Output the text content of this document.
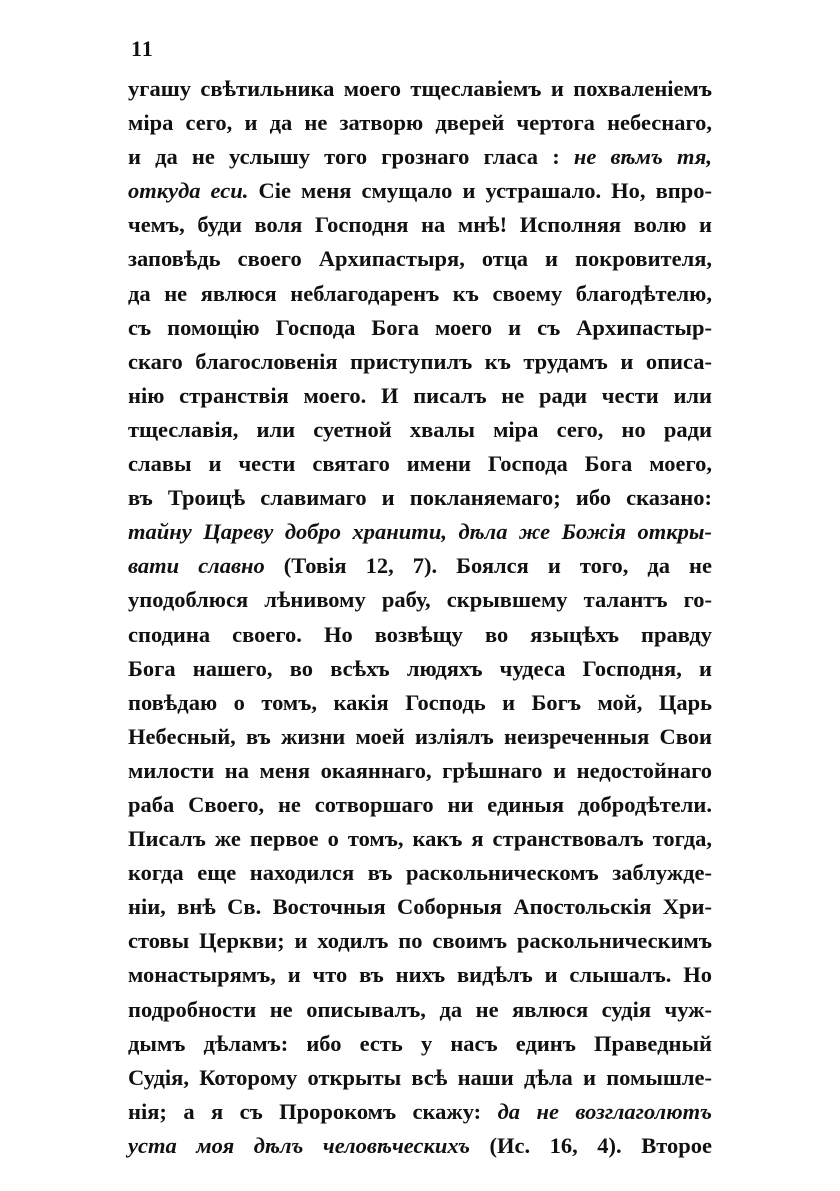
11
угашу свѣтильника моего тщеславіемъ и похваленіемъ
міра сего, и да не затворю дверей чертога небеснаго,
и да не услышу того грознаго гласа : не вѣмъ тя,
откуда еси. Сіе меня смущало и устрашало. Но, впро-
чемъ, буди воля Господня на мнѣ! Исполняя волю и
заповѣдь своего Архипастыря, отца и покровителя,
да не явлюся неблагодаренъ къ своему благодѣтелю,
съ помощію Господа Бога моего и съ Архипастыр-
скаго благословенія приступилъ къ трудамъ и описа-
нію странствія моего. И писалъ не ради чести или
тщеславія, или суетной хвалы міра сего, но ради
славы и чести святаго имени Господа Бога моего,
въ Троицѣ славимаго и покланяемаго; ибо сказано:
тайну Цареву добро хранити, дѣла же Божія откры-
вати славно (Товія 12, 7). Боялся и того, да не
уподоблюся лѣнивому рабу, скрывшему талантъ го-
сподина своего. Но возвѣщу во языцѣхъ правду
Бога нашего, во всѣхъ людяхъ чудеса Господня, и
повѣдаю о томъ, какія Господь и Богъ мой, Царь
Небесный, въ жизни моей изліялъ неизреченныя Свои
милости на меня окаяннаго, грѣшнаго и недостойнаго
раба Своего, не сотворшаго ни единыя добродѣтели.
Писалъ же первое о томъ, какъ я странствовалъ тогда,
когда еще находился въ раскольническомъ заблужде-
ніи, внѣ Св. Восточныя Соборныя Апостольскія Хри-
стовы Церкви; и ходилъ по своимъ раскольническимъ
монастырямъ, и что въ нихъ видѣлъ и слышалъ. Но
подробности не описывалъ, да не явлюся судія чуж-
дымъ дѣламъ: ибо есть у насъ единъ Праведный
Судія, Которому открыты всѣ наши дѣла и помышле-
нія; а я съ Пророкомъ скажу: да не возглаголютъ
уста моя дѣлъ человѣческихъ (Ис. 16, 4). Второе
